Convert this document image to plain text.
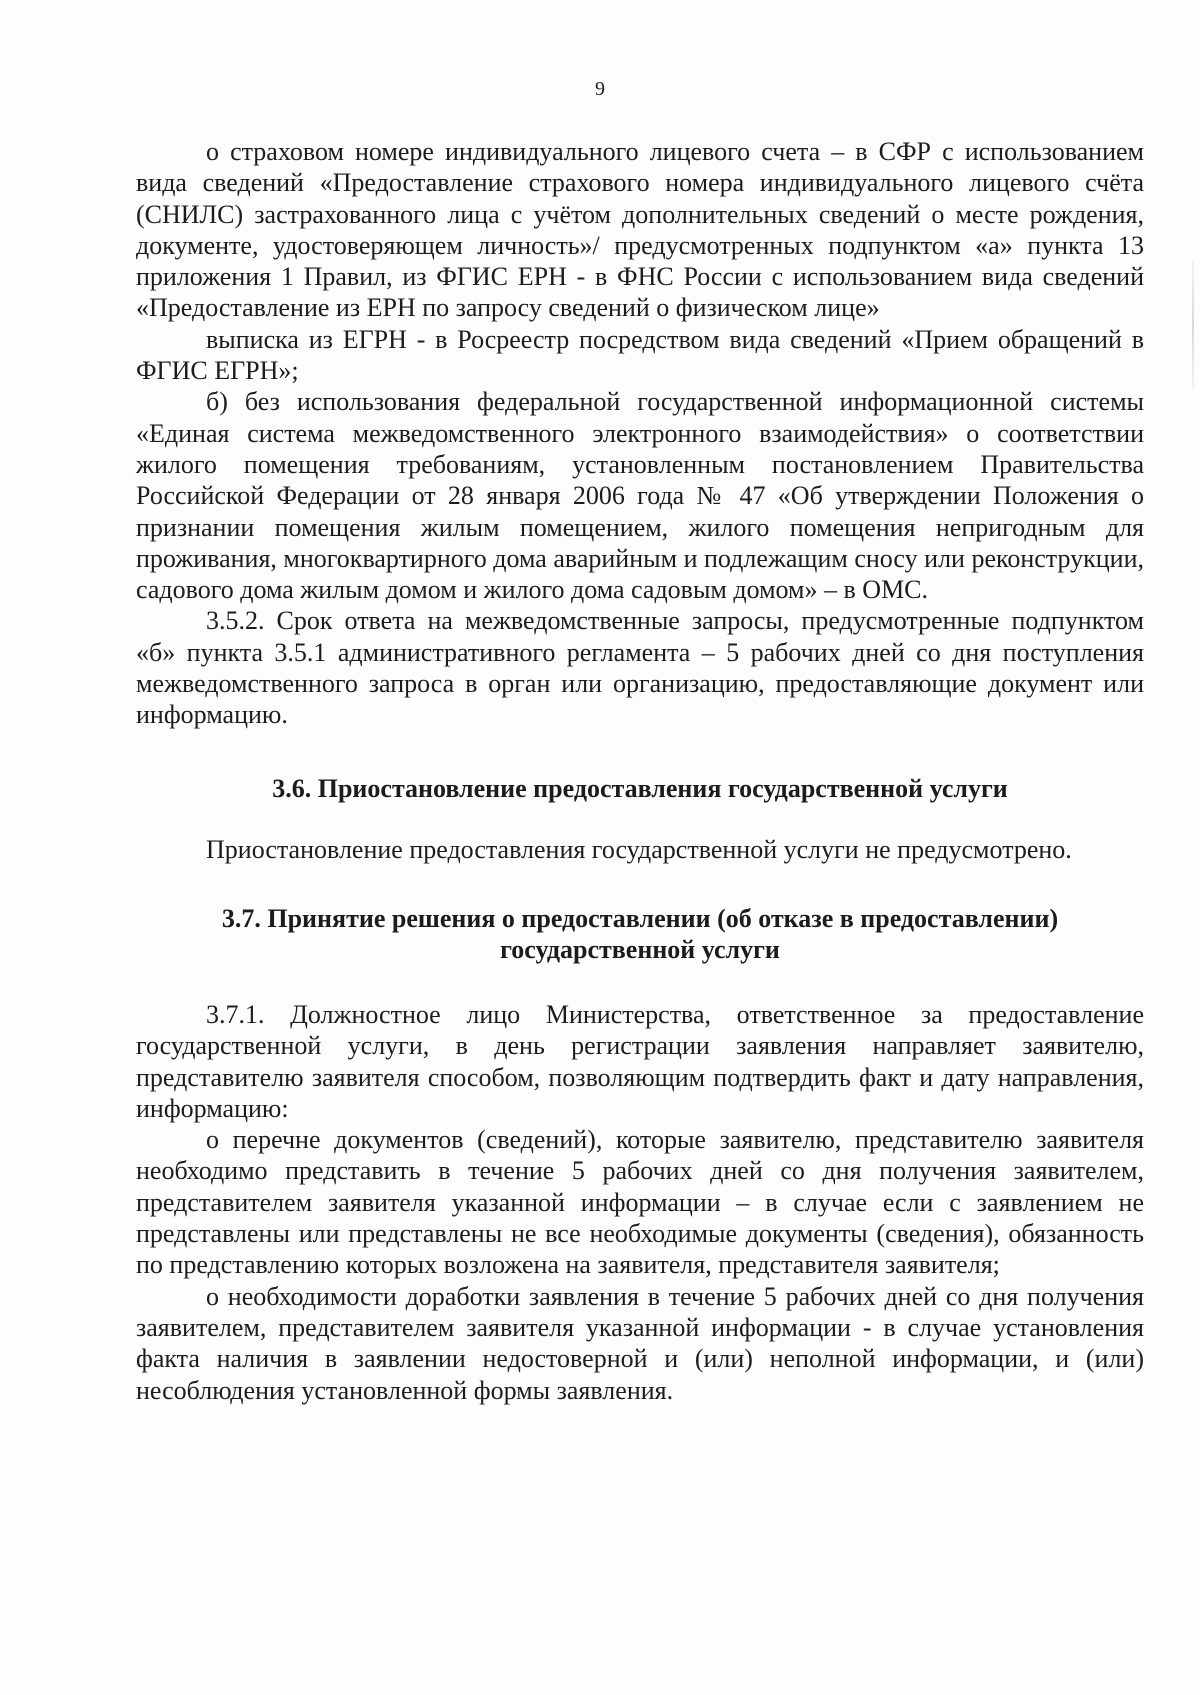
9

о страховом номере индивидуального лицевого счета – в СФР с использованием вида сведений «Предоставление страхового номера индивидуального лицевого счёта (СНИЛС) застрахованного лица с учётом дополнительных сведений о месте рождения, документе, удостоверяющем личность»/ предусмотренных подпунктом «а» пункта 13 приложения 1 Правил, из ФГИС ЕРН - в ФНС России с использованием вида сведений «Предоставление из ЕРН по запросу сведений о физическом лице»

выписка из ЕГРН - в Росреестр посредством вида сведений «Прием обращений в ФГИС ЕГРН»;

б) без использования федеральной государственной информационной системы «Единая система межведомственного электронного взаимодействия» о соответствии жилого помещения требованиям, установленным постановлением Правительства Российской Федерации от 28 января 2006 года № 47 «Об утверждении Положения о признании помещения жилым помещением, жилого помещения непригодным для проживания, многоквартирного дома аварийным и подлежащим сносу или реконструкции, садового дома жилым домом и жилого дома садовым домом» – в ОМС.

3.5.2. Срок ответа на межведомственные запросы, предусмотренные подпунктом «б» пункта 3.5.1 административного регламента – 5 рабочих дней со дня поступления межведомственного запроса в орган или организацию, предоставляющие документ или информацию.

3.6. Приостановление предоставления государственной услуги

Приостановление предоставления государственной услуги не предусмотрено.

3.7. Принятие решения о предоставлении (об отказе в предоставлении)
государственной услуги

3.7.1. Должностное лицо Министерства, ответственное за предоставление государственной услуги, в день регистрации заявления направляет заявителю, представителю заявителя способом, позволяющим подтвердить факт и дату направления, информацию:

о перечне документов (сведений), которые заявителю, представителю заявителя необходимо представить в течение 5 рабочих дней со дня получения заявителем, представителем заявителя указанной информации – в случае если с заявлением не представлены или представлены не все необходимые документы (сведения), обязанность по представлению которых возложена на заявителя, представителя заявителя;

о необходимости доработки заявления в течение 5 рабочих дней со дня получения заявителем, представителем заявителя указанной информации - в случае установления факта наличия в заявлении недостоверной и (или) неполной информации, и (или) несоблюдения установленной формы заявления.
